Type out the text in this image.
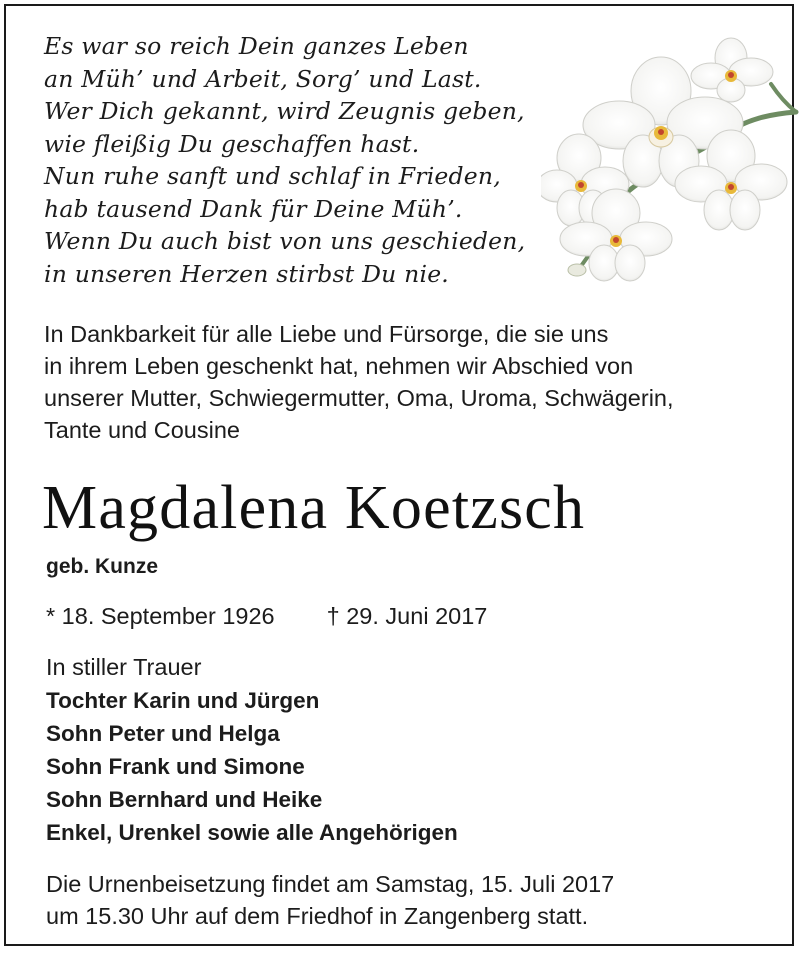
Es war so reich Dein ganzes Leben
an Müh’ und Arbeit, Sorg’ und Last.
Wer Dich gekannt, wird Zeugnis geben,
wie fleißig Du geschaffen hast.
Nun ruhe sanft und schlaf in Frieden,
hab tausend Dank für Deine Müh’.
Wenn Du auch bist von uns geschieden,
in unseren Herzen stirbst Du nie.
In Dankbarkeit für alle Liebe und Fürsorge, die sie uns
in ihrem Leben geschenkt hat, nehmen wir Abschied von
unserer Mutter, Schwiegermutter, Oma, Uroma, Schwägerin,
Tante und Cousine
Magdalena Koetzsch
geb. Kunze
* 18. September 1926 † 29. Juni 2017
In stiller Trauer
Tochter Karin und Jürgen
Sohn Peter und Helga
Sohn Frank und Simone
Sohn Bernhard und Heike
Enkel, Urenkel sowie alle Angehörigen
Die Urnenbeisetzung findet am Samstag, 15. Juli 2017
um 15.30 Uhr auf dem Friedhof in Zangenberg statt.
